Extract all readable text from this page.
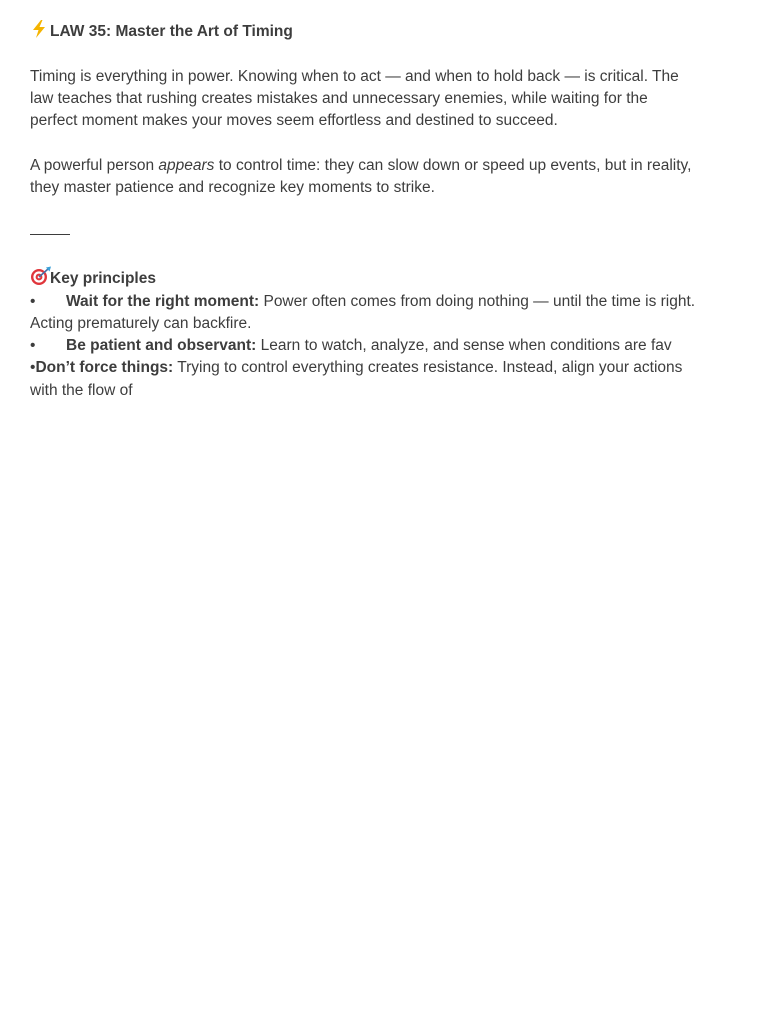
LAW 35: Master the Art of Timing
Timing is everything in power. Knowing when to act — and when to hold back — is critical. The
law teaches that rushing creates mistakes and unnecessary enemies, while waiting for the
perfect moment makes your moves seem effortless and destined to succeed.
A powerful person appears to control time: they can slow down or speed up events, but in reality,
they master patience and recognize key moments to strike.
Key principles
• Wait for the right moment: Power often comes from doing nothing — until the time is right.
Acting prematurely can backfire.
• Be patient and observant: Learn to watch, analyze, and sense when conditions are fav
•Don’t force things: Trying to control everything creates resistance. Instead, align your actions
with the flow of
